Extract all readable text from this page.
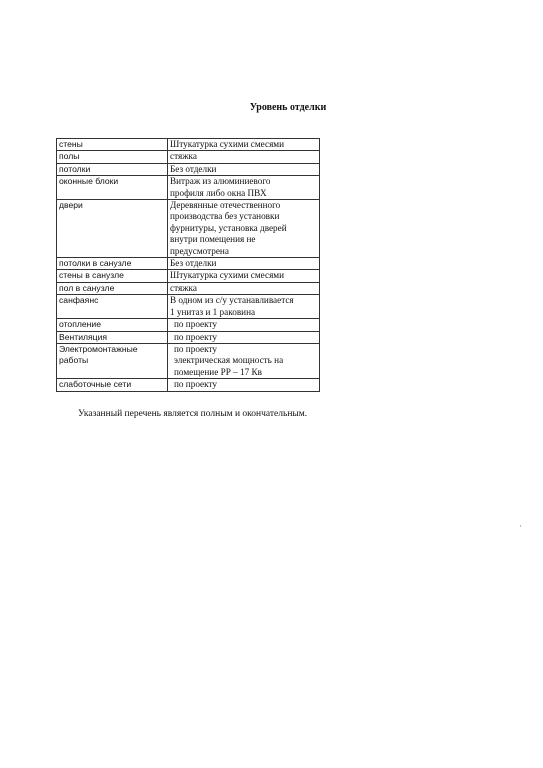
Уровень отделки
стены	Штукатурка сухими смесями

полы	стяжка

потолки	Без отделки

оконные блоки	Витраж из алюминиевого
профиля либо окна ПВХ

двери	Деревянные отечественного
производства без установки
фурнитуры, установка дверей
внутри помещения не
предусмотрена

потолки в санузле	Без отделки

стены в санузле	Штукатурка сухими смесями

пол в санузле	стяжка

санфаянс	В одном из с/у устанавливается
1 унитаз и 1 раковина

отопление	по проекту

Вентиляция	по проекту

Электромонтажные работы	по проекту
электрическая мощность на
помещение РР – 17 Кв

слаботочные сети	по проекту
Указанный перечень является полным и окончательным.
